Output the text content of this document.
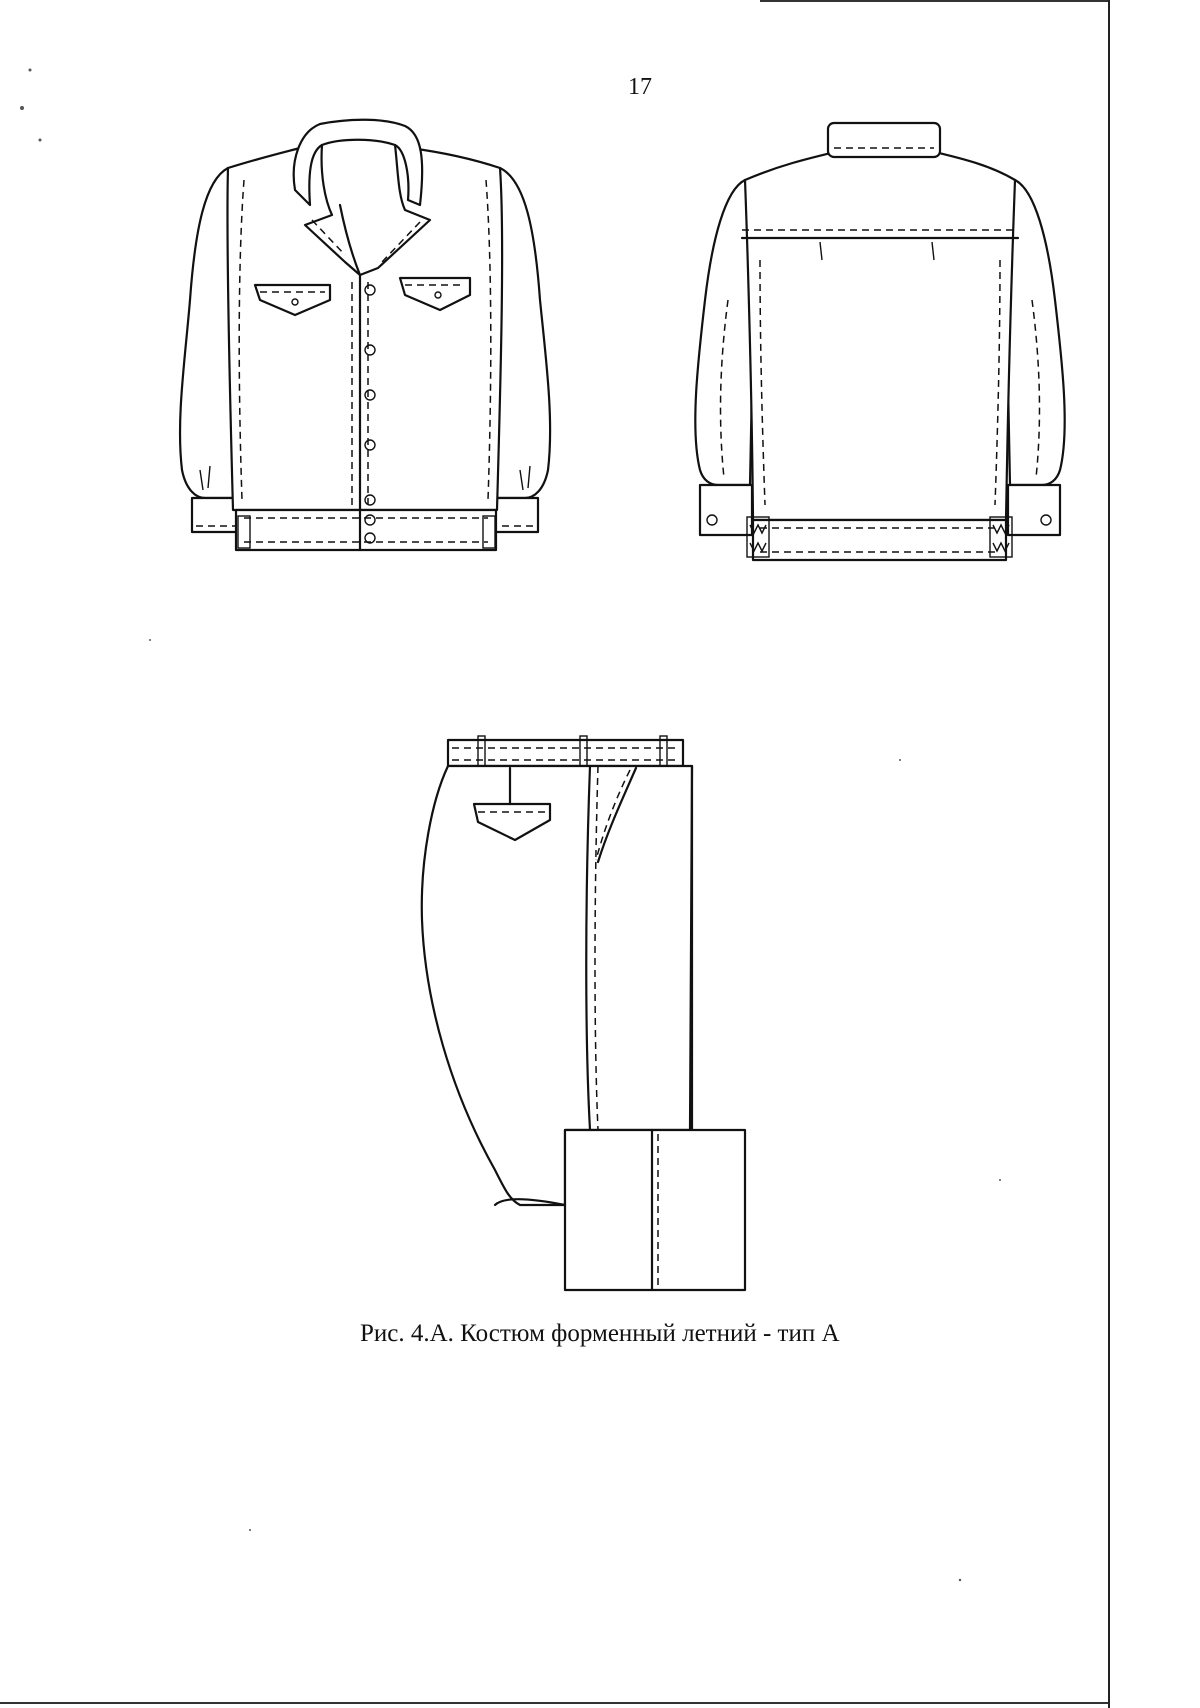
17
Рис. 4.А. Костюм форменный летний - тип А
